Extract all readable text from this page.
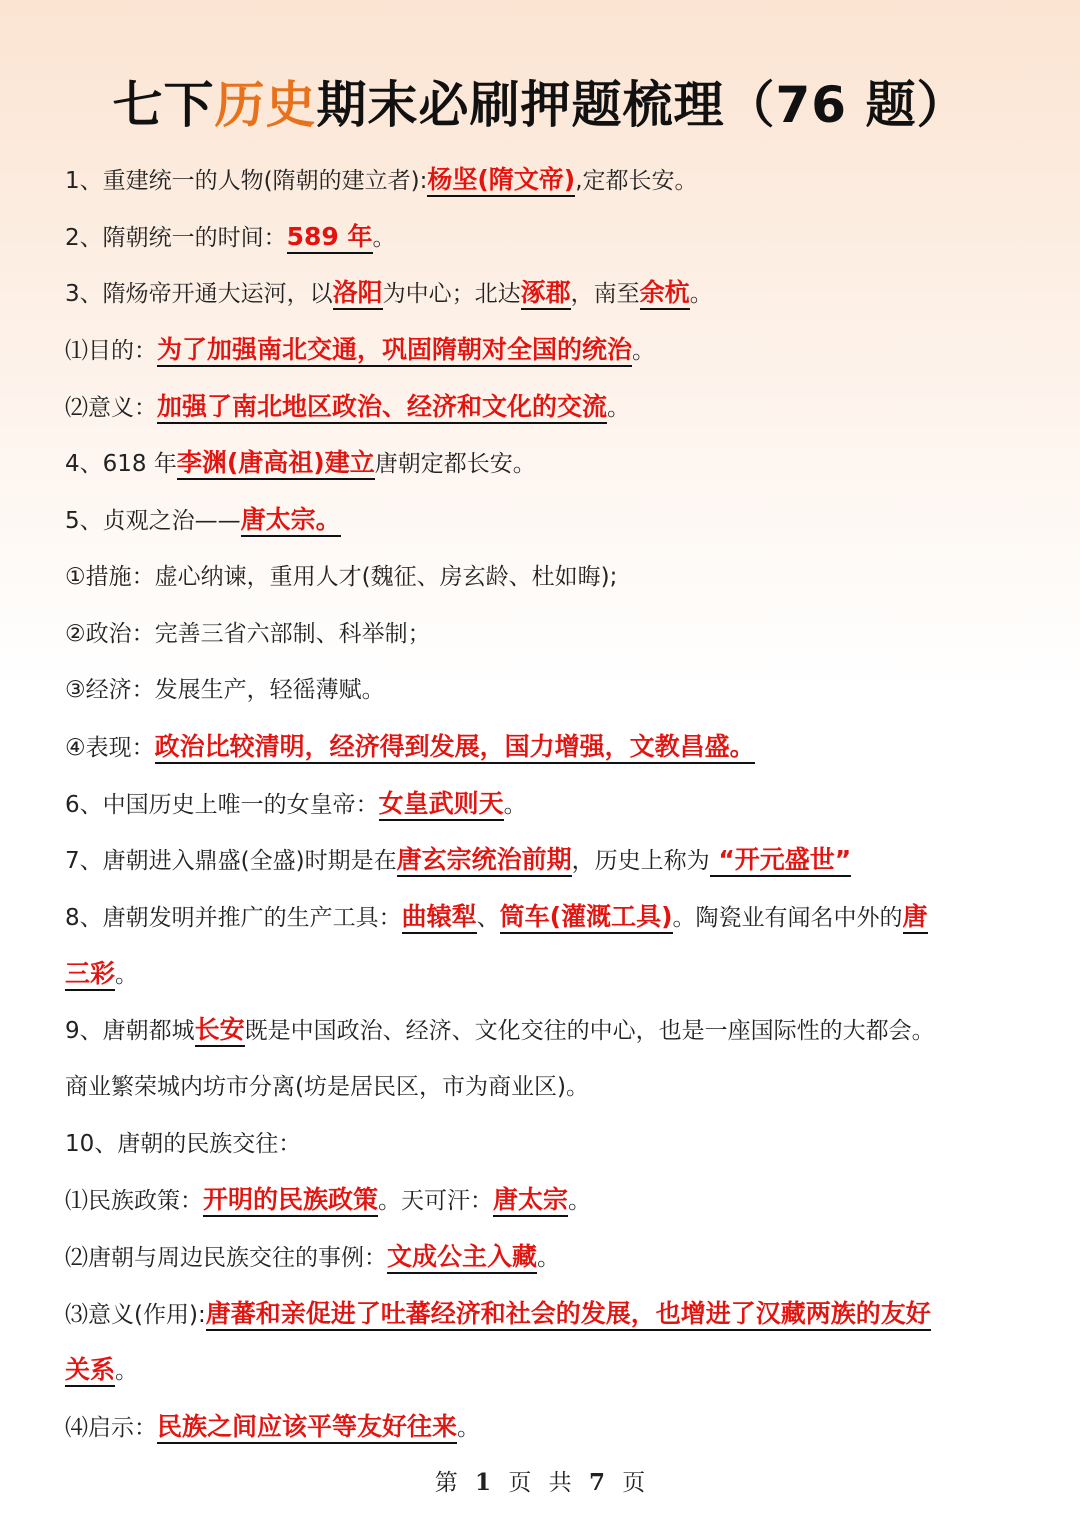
七下历史期末必刷押题梳理（76 题）
1、重建统一的人物(隋朝的建立者):杨坚(隋文帝),定都长安。
2、隋朝统一的时间：589 年。
3、隋炀帝开通大运河，以洛阳为中心；北达涿郡，南至余杭。
⑴目的：为了加强南北交通，巩固隋朝对全国的统治。
⑵意义：加强了南北地区政治、经济和文化的交流。
4、618 年李渊(唐高祖)建立唐朝定都长安。
5、贞观之治——唐太宗。
①措施：虚心纳谏，重用人才(魏征、房玄龄、杜如晦);
②政治：完善三省六部制、科举制；
③经济：发展生产，轻徭薄赋。
④表现：政治比较清明，经济得到发展，国力增强，文教昌盛。
6、中国历史上唯一的女皇帝：女皇武则天。
7、唐朝进入鼎盛(全盛)时期是在唐玄宗统治前期，历史上称为 “开元盛世”
8、唐朝发明并推广的生产工具：曲辕犁、筒车(灌溉工具)。陶瓷业有闻名中外的唐
三彩。
9、唐朝都城长安既是中国政治、经济、文化交往的中心，也是一座国际性的大都会。
商业繁荣城内坊市分离(坊是居民区，市为商业区)。
10、唐朝的民族交往：
⑴民族政策：开明的民族政策。天可汗：唐太宗。
⑵唐朝与周边民族交往的事例：文成公主入藏。
⑶意义(作用):唐蕃和亲促进了吐蕃经济和社会的发展，也增进了汉藏两族的友好
关系。
⑷启示：民族之间应该平等友好往来。
第 1 页 共 7 页
